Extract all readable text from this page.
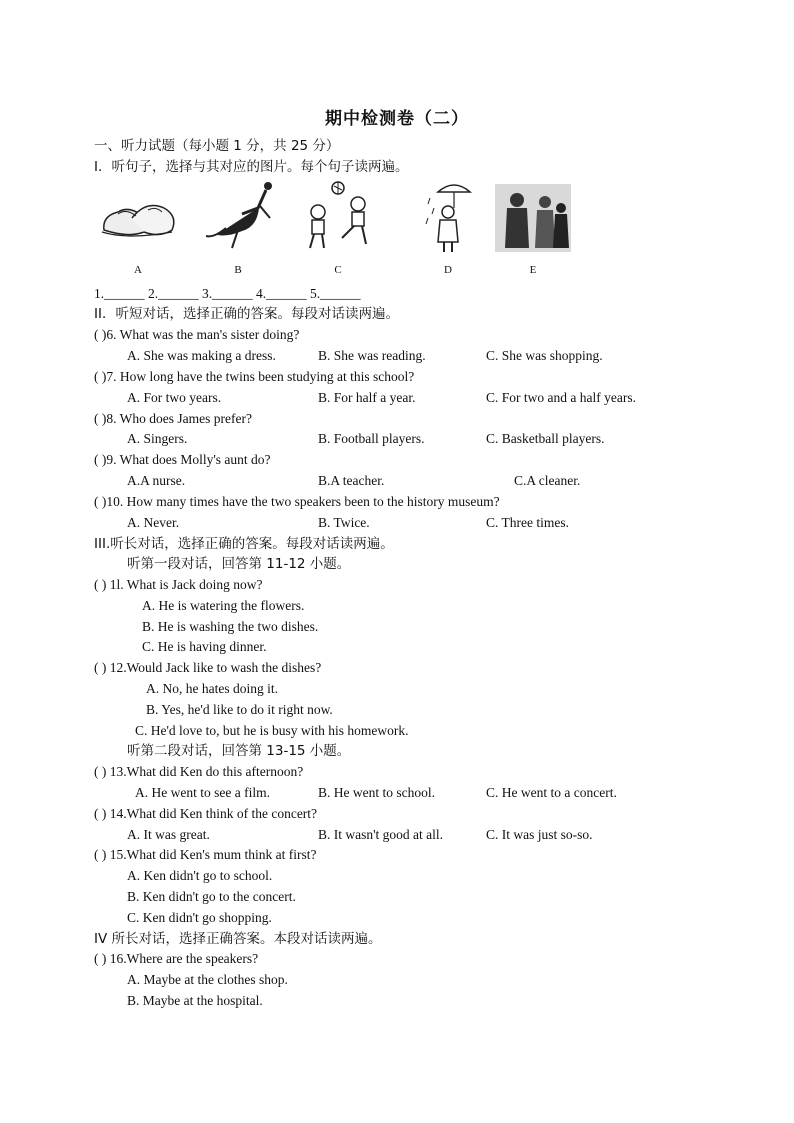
期中检测卷（二）
一、听力试题（每小题 1 分，共 25 分）
I．听句子，选择与其对应的图片。每个句子读两遍。
A	B	C	D	E
1.______ 2.______ 3.______ 4.______ 5.______
II．听短对话，选择正确的答案。每段对话读两遍。
( )6. What was the man's sister doing?
A. She was making a dress.	B. She was reading.	C. She was shopping.
( )7. How long have the twins been studying at this school?
A. For two years.	B. For half a year.	C. For two and a half years.
( )8. Who does James prefer?
A. Singers.	B. Football players.	C. Basketball players.
( )9. What does Molly's aunt do?
A.A nurse.	B.A teacher.	C.A cleaner.
( )10. How many times have the two speakers been to the history museum?
A. Never.	B. Twice.	C. Three times.
III.听长对话，选择正确的答案。每段对话读两遍。
听第一段对话，回答第 11-12 小题。
( ) 1l. What is Jack doing now?
A. He is watering the flowers.
B. He is washing the two dishes.
C. He is having dinner.
( ) 12.Would Jack like to wash the dishes?
A. No, he hates doing it.
B. Yes, he'd like to do it right now.
C. He'd love to, but he is busy with his homework.
听第二段对话，回答第 13-15 小题。
( ) 13.What did Ken do this afternoon?
A. He went to see a film.	B. He went to school.	C. He went to a concert.
( ) 14.What did Ken think of the concert?
A. It was great.	B. It wasn't good at all.	C. It was just so-so.
( ) 15.What did Ken's mum think at first?
A. Ken didn't go to school.
B. Ken didn't go to the concert.
C. Ken didn't go shopping.
IV 所长对话，选择正确答案。本段对话读两遍。
( ) 16.Where are the speakers?
A. Maybe at the clothes shop.
B. Maybe at the hospital.
